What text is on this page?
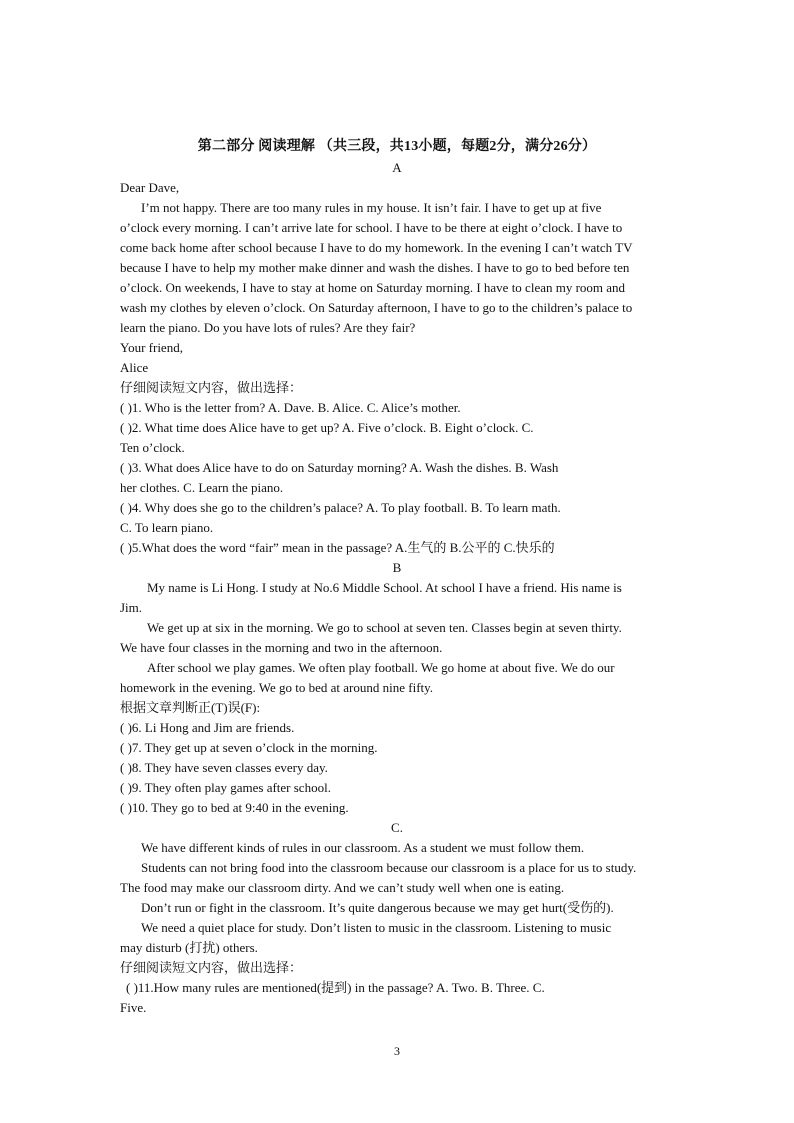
第二部分 阅读理解 （共三段，共13小题，每题2分，满分26分）
A
Dear Dave,
I’m not happy. There are too many rules in my house. It isn’t fair. I have to get up at five
o’clock every morning. I can’t arrive late for school. I have to be there at eight o’clock. I have to
come back home after school because I have to do my homework. In the evening I can’t watch TV
because I have to help my mother make dinner and wash the dishes. I have to go to bed before ten
o’clock. On weekends, I have to stay at home on Saturday morning. I have to clean my room and
wash my clothes by eleven o’clock. On Saturday afternoon, I have to go to the children’s palace to
learn the piano. Do you have lots of rules? Are they fair?
Your friend,
Alice
仔细阅读短文内容，做出选择：
( )1. Who is the letter from? A. Dave. B. Alice. C. Alice’s mother.
( )2. What time does Alice have to get up? A. Five o’clock. B. Eight o’clock. C.
Ten o’clock.
( )3. What does Alice have to do on Saturday morning? A. Wash the dishes. B. Wash
her clothes. C. Learn the piano.
( )4. Why does she go to the children’s palace? A. To play football. B. To learn math.
C. To learn piano.
( )5.What does the word “fair” mean in the passage? A.生气的 B.公平的 C.快乐的
B
My name is Li Hong. I study at No.6 Middle School. At school I have a friend. His name is
Jim.
We get up at six in the morning. We go to school at seven ten. Classes begin at seven thirty.
We have four classes in the morning and two in the afternoon.
After school we play games. We often play football. We go home at about five. We do our
homework in the evening. We go to bed at around nine fifty.
根据文章判断正(T)误(F):
( )6. Li Hong and Jim are friends.
( )7. They get up at seven o’clock in the morning.
( )8. They have seven classes every day.
( )9. They often play games after school.
( )10. They go to bed at 9:40 in the evening.
C.
We have different kinds of rules in our classroom. As a student we must follow them.
Students can not bring food into the classroom because our classroom is a place for us to study.
The food may make our classroom dirty. And we can’t study well when one is eating.
Don’t run or fight in the classroom. It’s quite dangerous because we may get hurt(受伤的).
We need a quiet place for study. Don’t listen to music in the classroom. Listening to music
may disturb (打扰) others.
仔细阅读短文内容，做出选择：
( )11.How many rules are mentioned(提到) in the passage? A. Two. B. Three. C.
Five.
3
